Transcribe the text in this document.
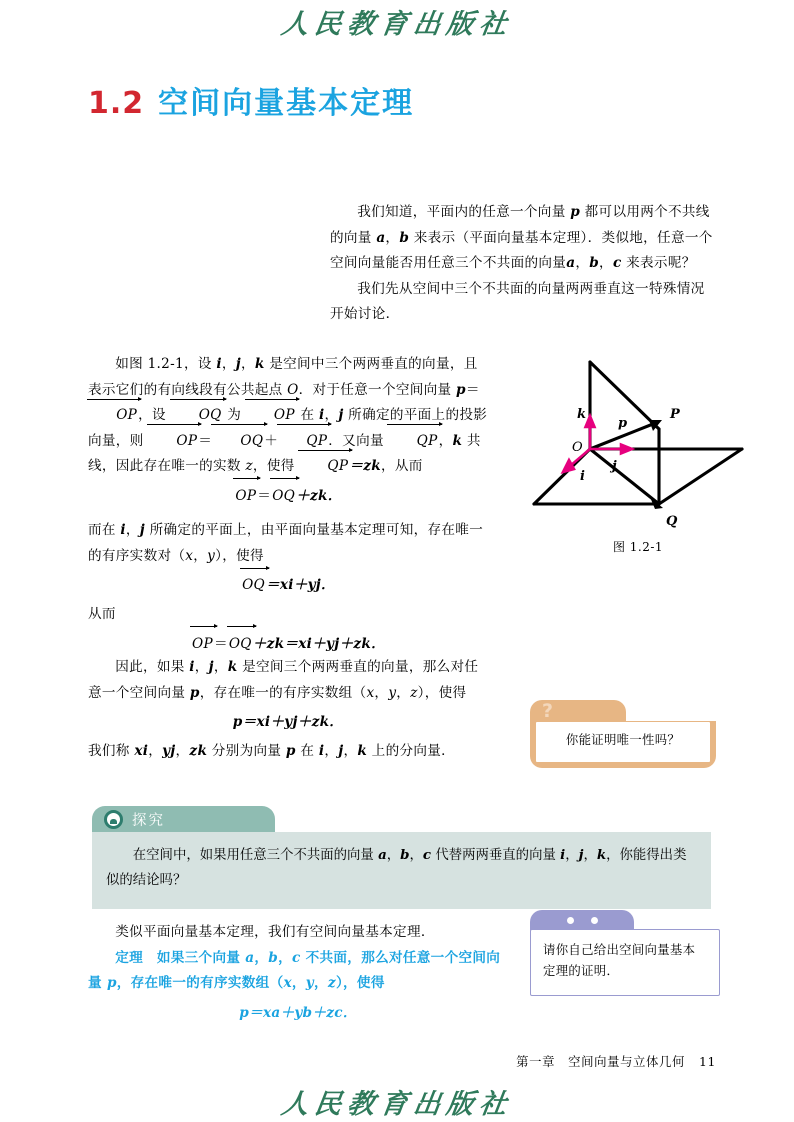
人民教育出版社
1.2 空间向量基本定理
我们知道，平面内的任意一个向量 p 都可以用两个不共线的向量 a，b 来表示（平面向量基本定理）．类似地，任意一个空间向量能否用任意三个不共面的向量a，b，c 来表示呢？
我们先从空间中三个不共面的向量两两垂直这一特殊情况开始讨论．
如图 1.2-1，设 i，j，k 是空间中三个两两垂直的向量，且表示它们的有向线段有公共起点 O．对于任意一个空间向量 p＝OP，设 OQ 为 OP 在 i，j 所确定的平面上的投影向量，则 OP＝ OQ＋ QP．又向量 QP，k 共线，因此存在唯一的实数 z，使得 QP＝zk，从而
OP＝OQ＋zk．
而在 i，j 所确定的平面上，由平面向量基本定理可知，存在唯一的有序实数对（x，y），使得
OQ＝xi＋yj．
从而
OP＝OQ＋zk＝xi＋yj＋zk．
因此，如果 i，j，k 是空间三个两两垂直的向量，那么对任意一个空间向量 p，存在唯一的有序实数组（x，y，z），使得
p＝xi＋yj＋zk．
我们称 xi，yj，zk 分别为向量 p 在 i，j，k 上的分向量．
O
P
Q
k
j
i
p
图 1.2-1
?
你能证明唯一性吗？
探究
　　在空间中，如果用任意三个不共面的向量 a，b，c 代替两两垂直的向量 i，j，k，你能得出类似的结论吗？
请你自己给出空间向量基本定理的证明．
类似平面向量基本定理，我们有空间向量基本定理．
定理　如果三个向量 a，b，c 不共面，那么对任意一个空间向量 p，存在唯一的有序实数组（x，y，z），使得
p＝xa＋yb＋zc．
第一章　空间向量与立体几何 11
人民教育出版社
